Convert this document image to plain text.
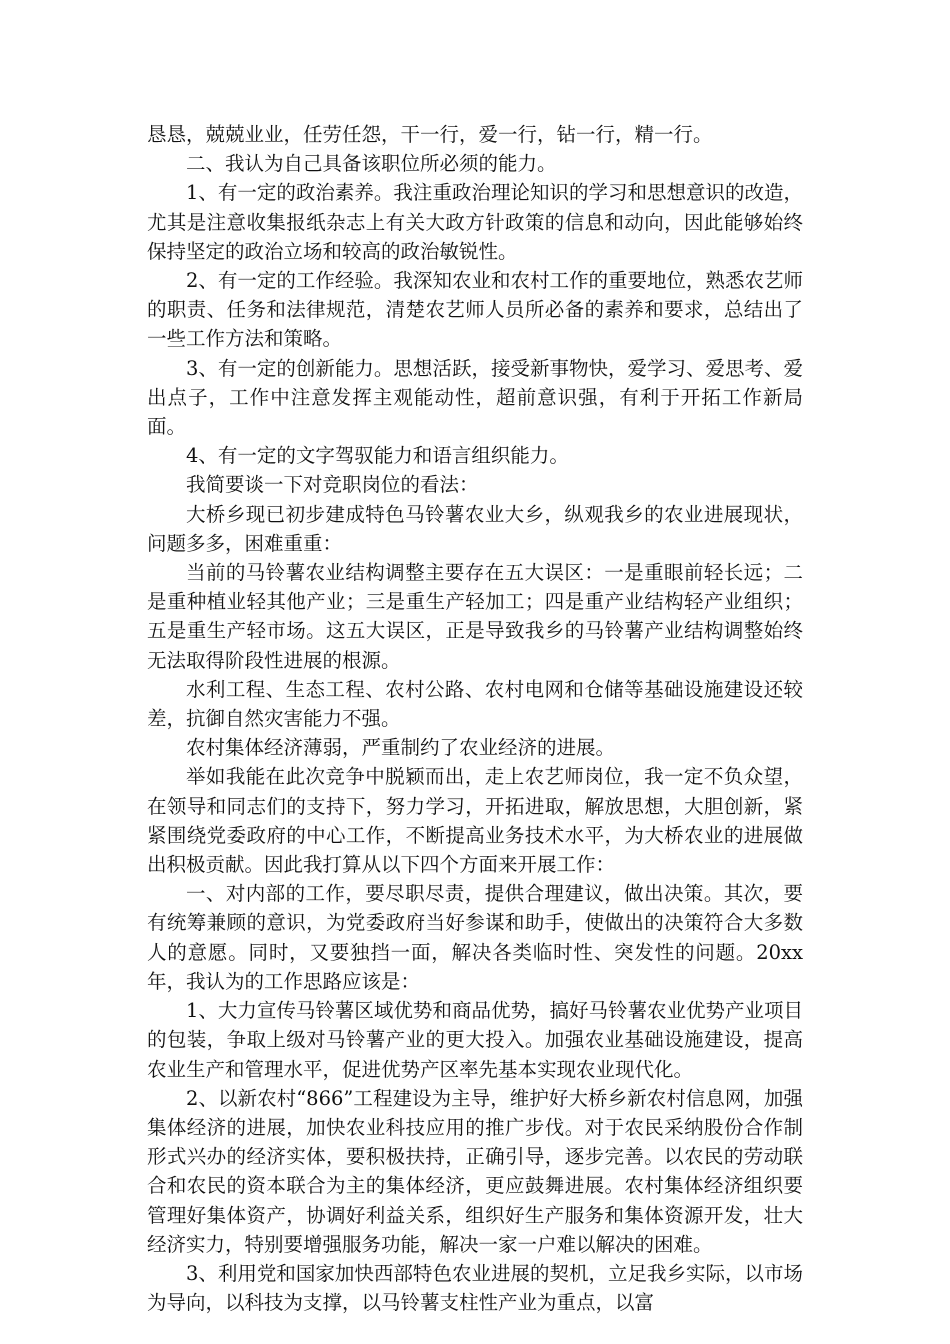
恳恳，兢兢业业，任劳任怨，干一行，爱一行，钻一行，精一行。

二、我认为自己具备该职位所必须的能力。

1、有一定的政治素养。我注重政治理论知识的学习和思想意识的改造，尤其是注意收集报纸杂志上有关大政方针政策的信息和动向，因此能够始终保持坚定的政治立场和较高的政治敏锐性。

2、有一定的工作经验。我深知农业和农村工作的重要地位，熟悉农艺师的职责、任务和法律规范，清楚农艺师人员所必备的素养和要求，总结出了一些工作方法和策略。

3、有一定的创新能力。思想活跃，接受新事物快，爱学习、爱思考、爱出点子，工作中注意发挥主观能动性，超前意识强，有利于开拓工作新局面。

4、有一定的文字驾驭能力和语言组织能力。

我简要谈一下对竞职岗位的看法：

大桥乡现已初步建成特色马铃薯农业大乡，纵观我乡的农业进展现状，问题多多，困难重重：

当前的马铃薯农业结构调整主要存在五大误区：一是重眼前轻长远；二是重种植业轻其他产业；三是重生产轻加工；四是重产业结构轻产业组织；五是重生产轻市场。这五大误区，正是导致我乡的马铃薯产业结构调整始终无法取得阶段性进展的根源。

水利工程、生态工程、农村公路、农村电网和仓储等基础设施建设还较差，抗御自然灾害能力不强。

农村集体经济薄弱，严重制约了农业经济的进展。

举如我能在此次竞争中脱颖而出，走上农艺师岗位，我一定不负众望，在领导和同志们的支持下，努力学习，开拓进取，解放思想，大胆创新，紧紧围绕党委政府的中心工作，不断提高业务技术水平，为大桥农业的进展做出积极贡献。因此我打算从以下四个方面来开展工作：

一、对内部的工作，要尽职尽责，提供合理建议，做出决策。其次，要有统筹兼顾的意识，为党委政府当好参谋和助手，使做出的决策符合大多数人的意愿。同时，又要独挡一面，解决各类临时性、突发性的问题。20xx年，我认为的工作思路应该是：

1、大力宣传马铃薯区域优势和商品优势，搞好马铃薯农业优势产业项目的包装，争取上级对马铃薯产业的更大投入。加强农业基础设施建设，提高农业生产和管理水平，促进优势产区率先基本实现农业现代化。

2、以新农村“866”工程建设为主导，维护好大桥乡新农村信息网，加强集体经济的进展，加快农业科技应用的推广步伐。对于农民采纳股份合作制形式兴办的经济实体，要积极扶持，正确引导，逐步完善。以农民的劳动联合和农民的资本联合为主的集体经济，更应鼓舞进展。农村集体经济组织要管理好集体资产，协调好利益关系，组织好生产服务和集体资源开发，壮大经济实力，特别要增强服务功能，解决一家一户难以解决的困难。

3、利用党和国家加快西部特色农业进展的契机，立足我乡实际，以市场为导向，以科技为支撑，以马铃薯支柱性产业为重点，以富
